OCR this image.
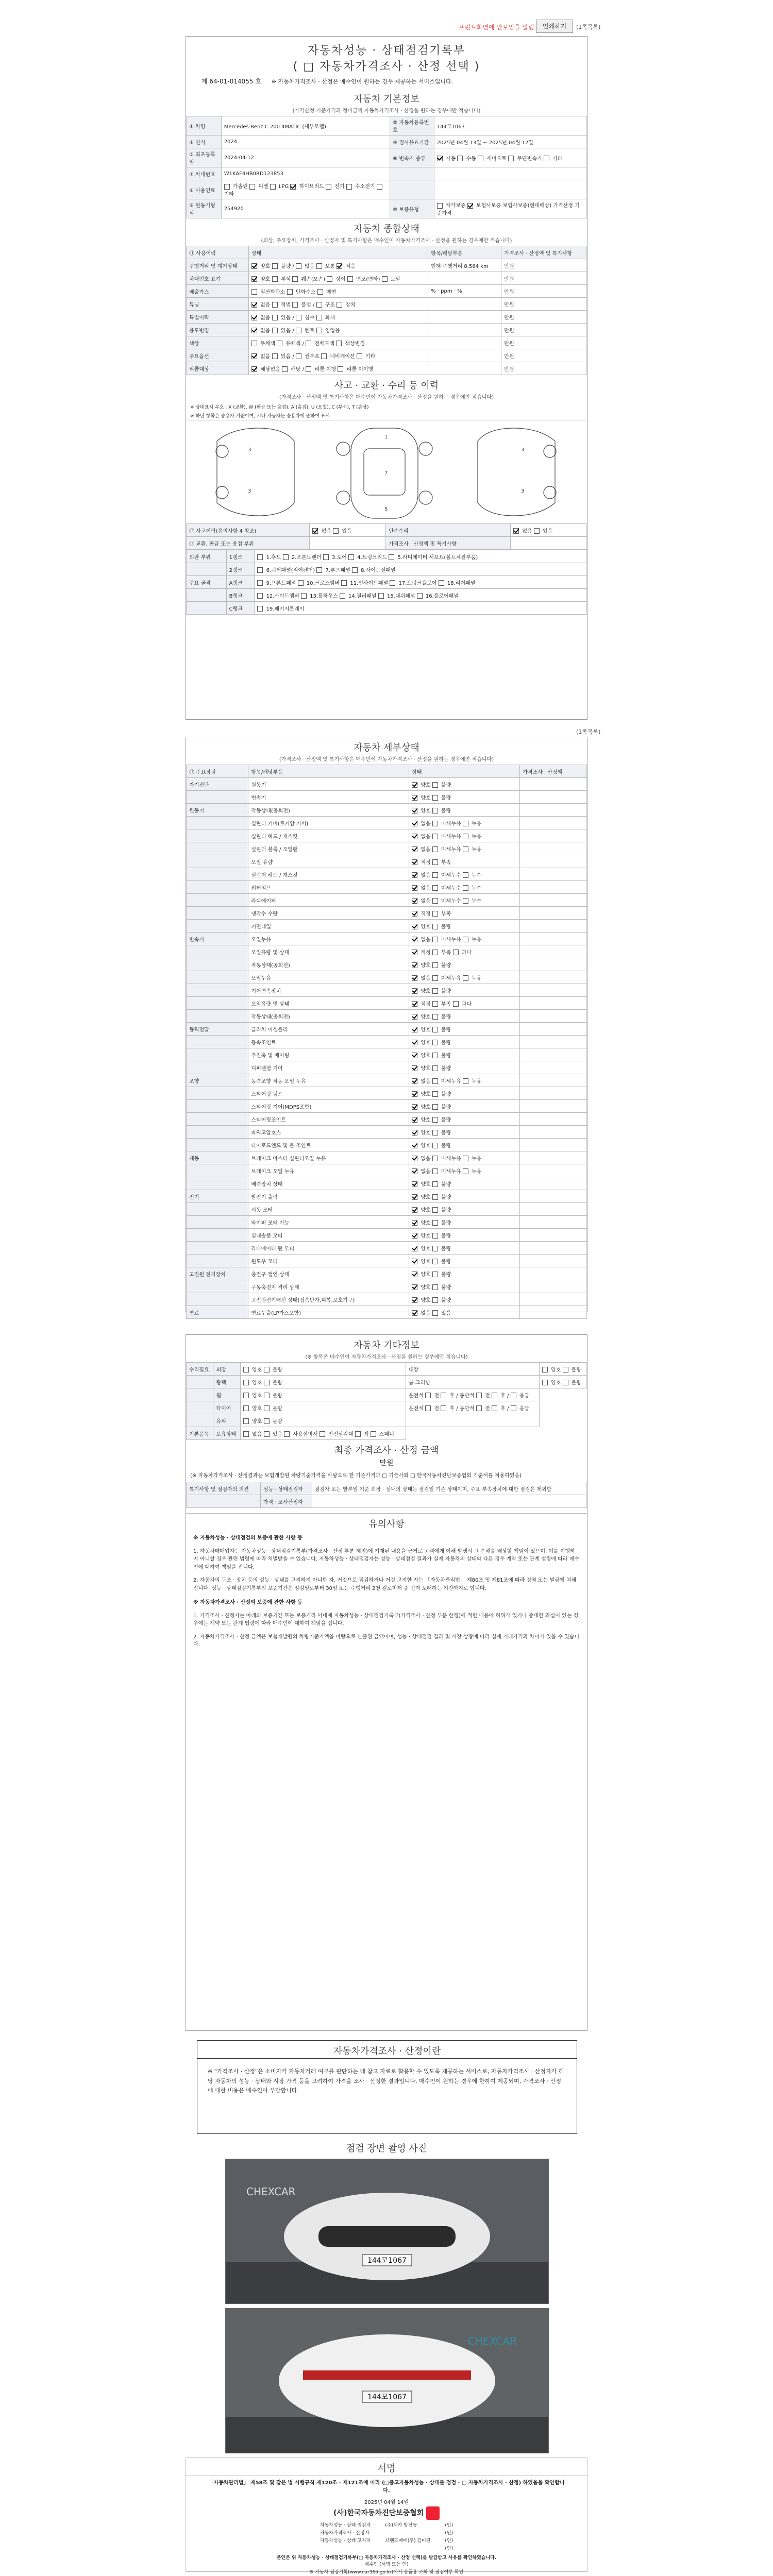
프린트화면에 안보임을 알림	인쇄하기	(1쪽목록)
자동차성능 · 상태점검기록부
( □ 자동차가격조사 · 산정 선택 )
제 64-01-014055 호 ※ 자동차가격조사 · 산정은 매수인이 원하는 경우 제공하는 서비스입니다.
자동차 기본정보
(가격산정 기준가격과 정비금액 자동차가격조사 · 산정을 원하는 경우에만 적습니다)
① 차명	Mercedes-Benz C 200 4MATIC (세부모델)	② 자동차등록번호	144모1067
③ 연식	2024	④ 검사유효기간	2025년 04월 13일 ~ 2025년 04월 12일
⑤ 최초등록일	2024-04-12	⑥ 변속기 종류	자동  수동  세미오토  무단변속기  기타
⑦ 차대번호	W1KAF4HB0RD123853		
⑧ 사용연료	가솔린  디젤  LPG  하이브리드  전기  수소전기  기타		
⑨ 원동기형식	254920	⑩ 보증유형	자가보증  보험사보증 보험사보증(현대해상) 가격산정 기준가격
자동차 종합상태
(외상, 주요장치, 가격조사 · 산정자 및 특기사항은 매수인이 자동차가격조사 · 산정을 원하는 경우에만 적습니다)
⑪ 사용이력	상태	항목/해당부품	가격조사 · 산정액 및 특기사항
주행거리 및 계기상태	양호  불량 /  많음  보통  적음	현재 주행거리 8,564 km	만원
차대번호 표기	양호  부식  훼손(오손)  상이  변조(변타)  도말		만원
배출가스	일산화탄소  탄화수소  매연	% · ppm · %	만원
튜닝	없음  적법  불법 /  구조  장치		만원
특별이력	없음  있음 /  침수  화재		만원
용도변경	없음  있음 /  렌트  영업용		만원
색상	무채색  유채색 /  전체도색  색상변경		만원
주요옵션	없음  있음 /  썬루프  네비게이션  기타		만원
리콜대상	해당없음  해당 /  리콜 이행  리콜 미이행		만원
사고 · 교환 · 수리 등 이력
(가격조사 · 산정액 및 특기사항은 매수인이 자동차가격조사 · 산정을 원하는 경우에만 적습니다)
※ 상태표시 부호 : X (교환), W (판금 또는 용접), A (흠집), U (요철), C (부식), T (손상)
※ 하단 항목은 승용차 기준이며, 기타 자동차는 승용차에 준하여 표시
3
3
1
7
5
3
3
⑫ 사고이력(유의사항 4 참조)	없음  있음	단순수리	없음  있음
⑬ 교환, 판금 또는 용접 부위		가격조사 · 산정액 및 특기사항	
외판 부위	1랭크	1.후드  2.프론트펜더  3.도어  4.트렁크리드  5.라디에이터 서포트(볼트체결부품)
	2랭크	6.쿼터패널(리어펜더)  7.루프패널  8.사이드실패널
주요 골격	A랭크	9.프론트패널  10.크로스멤버  11.인사이드패널  17.트렁크플로어  18.리어패널
	B랭크	12.사이드멤버  13.휠하우스  14.필러패널  15.대쉬패널  16.플로어패널
	C랭크	19.패키지트레이
(1쪽목록)
자동차 세부상태
(가격조사 · 산정액 및 특기사항은 매수인이 자동차가격조사 · 산정을 원하는 경우에만 적습니다)
⑭ 주요장치	항목/해당부품	상태	가격조사 · 산정액
자기진단	원동기	양호  불량	
	변속기	양호  불량	
원동기	작동상태(공회전)	양호  불량	
	실린더 커버(로커암 커버)	없음  미세누유  누유	
	실린더 헤드 / 개스킷	없음  미세누유  누유	
	실린더 블록 / 오일팬	없음  미세누유  누유	
	오일 유량	적정  부족	
	실린더 헤드 / 개스킷	없음  미세누수  누수	
	워터펌프	없음  미세누수  누수	
	라디에이터	없음  미세누수  누수	
	냉각수 수량	적정  부족	
	커먼레일	양호  불량	
변속기	오일누유	없음  미세누유  누유	
	오일유량 및 상태	적정  부족  과다	
	작동상태(공회전)	양호  불량	
	오일누유	없음  미세누유  누유	
	기어변속장치	양호  불량	
	오일유량 및 상태	적정  부족  과다	
	작동상태(공회전)	양호  불량	
동력전달	클러치 어셈블리	양호  불량	
	등속조인트	양호  불량	
	추진축 및 베어링	양호  불량	
	디퍼렌셜 기어	양호  불량	
조향	동력조향 작동 오일 누유	없음  미세누유  누유	
	스티어링 펌프	양호  불량	
	스티어링 기어(MDPS포함)	양호  불량	
	스티어링조인트	양호  불량	
	파워고압호스	양호  불량	
	타이로드엔드 및 볼 조인트	양호  불량	
제동	브레이크 마스터 실린더오일 누유	없음  미세누유  누유	
	브레이크 오일 누유	없음  미세누유  누유	
	배력장치 상태	양호  불량	
전기	발전기 출력	양호  불량	
	시동 모터	양호  불량	
	와이퍼 모터 기능	양호  불량	
	실내송풍 모터	양호  불량	
	라디에이터 팬 모터	양호  불량	
	윈도우 모터	양호  불량	
고전원 전기장치	충전구 절연 상태	양호  불량	
	구동축전지 격리 상태	양호  불량	
	고전원전기배선 상태(접속단자,피복,보호기구)	양호  불량	
연료	연료누출(LP가스포함)	없음  있음	
자동차 기타정보
(※ 항목은 매수인이 자동차가격조사 · 산정을 원하는 경우에만 적습니다)
수리필요	외장	양호  불량	내장	양호  불량
	광택	양호  불량	룸 크리닝	양호  불량
	휠	양호  불량	운전석  전  후 / 동반석  전  후 /  응급	
	타이어	양호  불량	운전석  전  후 / 동반석  전  후 /  응급	
	유리	양호  불량		
기본품목	보유상태	없음  있음  사용설명서  안전삼각대  잭  스패너		
최종 가격조사 · 산정 금액
만원
(※ 자동차가격조사 · 산정결과는 보험개발원 차량기준가격을 바탕으로 한 기준가격과 □ 기술사회 □ 한국자동차진단보증협회 기준서를 적용하였음)
특기사항 및 점검자의 의견	성능 · 상태점검자	점검자 또는 발부일 기준 외장 · 실내의 상태는 점검일 기준 상태이며, 주요 부속장치에 대한 점검은 제외함
	가격 · 조사산정자	
유의사항
※ 자동차성능 · 상태점검의 보증에 관한 사항 등

1. 자동차매매업자는 자동차성능 · 상태점검기록부(가격조사 · 산정 부분 제외)에 기재된 내용을 근거로 고객에게 이해 발생시 그 손해를 배상할 책임이 있으며, 이를 이행하지 아니할 경우 관련 법령에 따라 처벌받을 수 있습니다. 자동차성능 · 상태점검자는 성능 · 상태점검 결과가 실제 자동차의 상태와 다른 경우 계약 또는 관계 법령에 따라 매수인에 대하여 책임을 집니다.

2. 자동차의 구조 · 장치 등의 성능 · 상태를 고지하지 아니한 자, 거짓으로 점검하거나 거짓 고지한 자는 「자동차관리법」 제80조 및 제81조에 따라 징역 또는 벌금에 처해집니다. 성능 · 상태점검기록부의 보증기간은 점검일로부터 30일 또는 주행거리 2천 킬로미터 중 먼저 도래하는 기간까지로 합니다.

※ 자동차가격조사 · 산정의 보증에 관한 사항 등

1. 가격조사 · 산정자는 아래의 보증기간 또는 보증거리 이내에 자동차성능 · 상태점검기록부(가격조사 · 산정 부분 한정)에 적힌 내용에 허위가 있거나 중대한 과실이 있는 경우에는 계약 또는 관계 법령에 따라 매수인에 대하여 책임을 집니다.

2. 자동차가격조사 · 산정 금액은 보험개발원의 차량기준가액을 바탕으로 산출된 금액이며, 성능 · 상태점검 결과 및 시장 상황에 따라 실제 거래가격과 차이가 있을 수 있습니다.

자동차가격조사 · 산정이란
※ "가격조사 · 산정"은 소비자가 자동차거래 여부를 판단하는 데 참고 자료로 활용할 수 있도록 제공하는 서비스로, 자동차가격조사 · 산정자가 해당 자동차의 성능 · 상태와 시장 가격 등을 고려하여 가격을 조사 · 산정한 결과입니다. 매수인이 원하는 경우에 한하여 제공되며, 가격조사 · 산정에 대한 비용은 매수인이 부담합니다.
점검 장면 촬영 사진
144모1067
CHEXCAR
144모1067
CHEXCAR
서명
「자동차관리법」 제58조 및 같은 법 시행규칙 제120조 · 제121조에 따라 (□중고자동차성능 · 상태를 점검 · □ 자동차가격조사 · 산정) 하였음을 확인합니다.
2025년 04월 14일
(사)한국자동차진단보증협회
자동차성능 · 상태 점검자	(주)체카 방장동	(인)
자동차가격조사 · 산정자		(인)
자동차성능 · 상태 고지자	브랜드매매(주) 김미진	(인)
		(인)
본인은 위 자동차성능 · 상태점검기록부(□ 자동차가격조사 · 산정 선택)를 발급받고 사유를 확인하였습니다.
매수인 (서명 또는 인)
※ 자동차 점검기록(www.car365.go.kr)에서 상품용 조회 및 점검여부 확인
